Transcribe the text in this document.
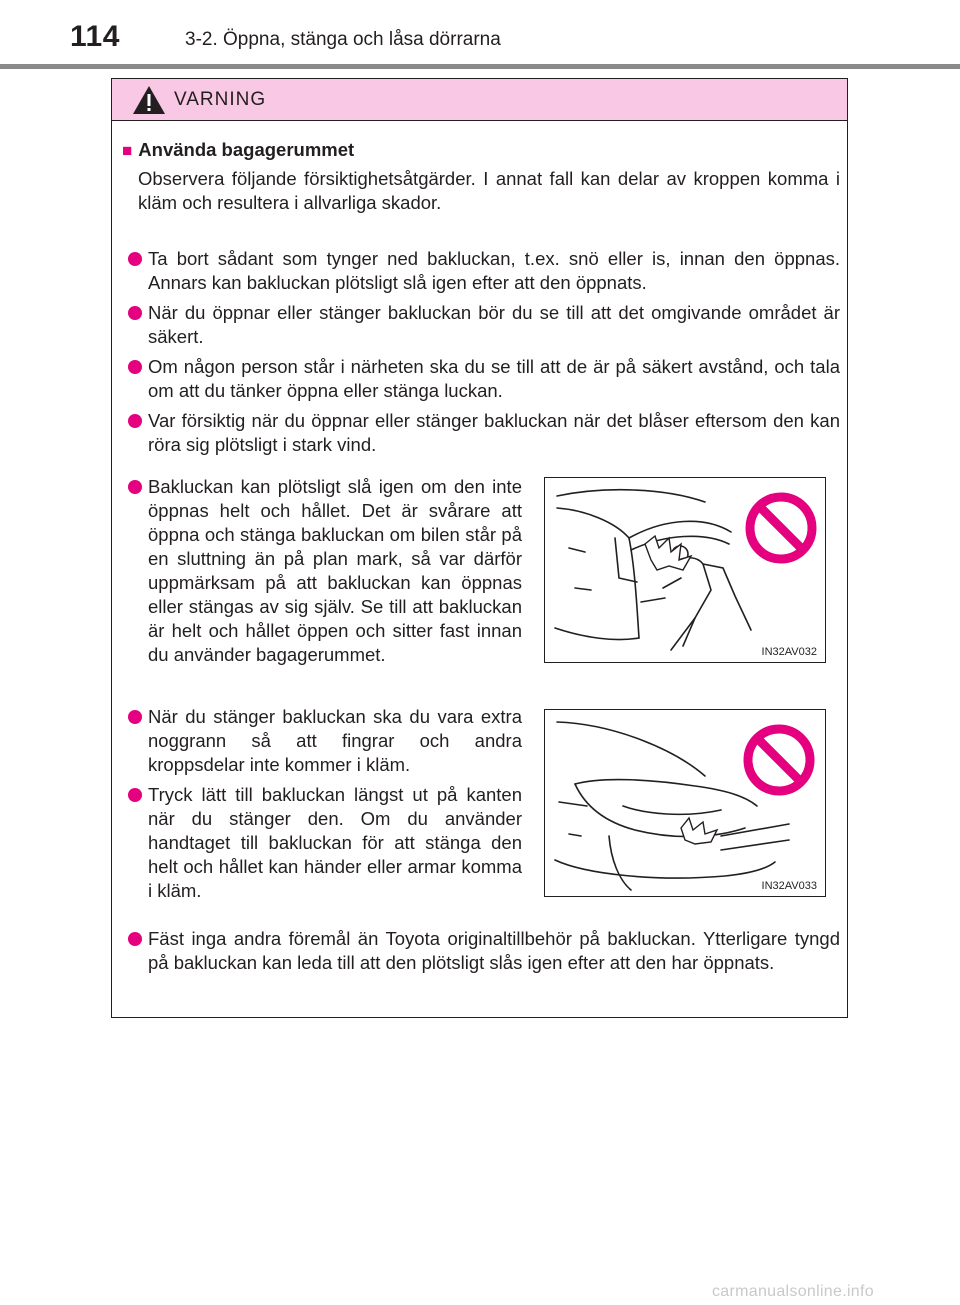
114	3-2. Öppna, stänga och låsa dörrarna
VARNING
■ Använda bagagerummet
Observera följande försiktighetsåtgärder. I annat fall kan delar av kroppen komma i kläm och resultera i allvarliga skador.
Ta bort sådant som tynger ned bakluckan, t.ex. snö eller is, innan den öppnas. Annars kan bakluckan plötsligt slå igen efter att den öppnats.
När du öppnar eller stänger bakluckan bör du se till att det omgivande området är säkert.
Om någon person står i närheten ska du se till att de är på säkert avstånd, och tala om att du tänker öppna eller stänga luckan.
Var försiktig när du öppnar eller stänger bakluckan när det blåser eftersom den kan röra sig plötsligt i stark vind.
Bakluckan kan plötsligt slå igen om den inte öppnas helt och hållet. Det är svårare att öppna och stänga bakluckan om bilen står på en sluttning än på plan mark, så var därför uppmärksam på att bakluckan kan öppnas eller stängas av sig själv. Se till att bakluckan är helt och hållet öppen och sitter fast innan du använder bagagerummet.	IN32AV032
När du stänger bakluckan ska du vara extra noggrann så att fingrar och andra kroppsdelar inte kommer i kläm.
Tryck lätt till bakluckan längst ut på kanten när du stänger den. Om du använder handtaget till bakluckan för att stänga den helt och hållet kan händer eller armar komma i kläm.	IN32AV033
Fäst inga andra föremål än Toyota originaltillbehör på bakluckan. Ytterligare tyngd på bakluckan kan leda till att den plötsligt slås igen efter att den har öppnats.
carmanualsonline.info
